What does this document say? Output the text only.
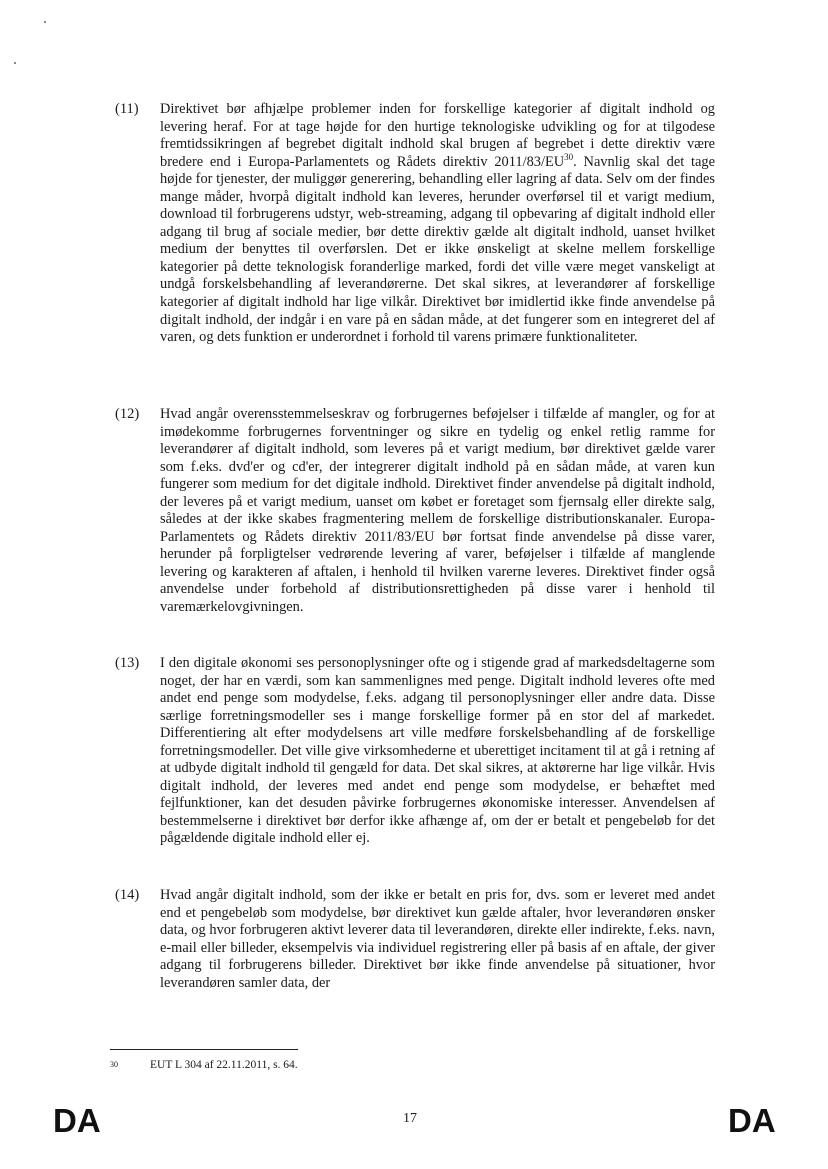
(11)	Direktivet bør afhjælpe problemer inden for forskellige kategorier af digitalt indhold og levering heraf. For at tage højde for den hurtige teknologiske udvikling og for at tilgodese fremtidssikringen af begrebet digitalt indhold skal brugen af begrebet i dette direktiv være bredere end i Europa-Parlamentets og Rådets direktiv 2011/83/EU$^{30}$. Navnlig skal det tage højde for tjenester, der muliggør generering, behandling eller lagring af data. Selv om der findes mange måder, hvorpå digitalt indhold kan leveres, herunder overførsel til et varigt medium, download til forbrugerens udstyr, web-streaming, adgang til opbevaring af digitalt indhold eller adgang til brug af sociale medier, bør dette direktiv gælde alt digitalt indhold, uanset hvilket medium der benyttes til overførslen. Det er ikke ønskeligt at skelne mellem forskellige kategorier på dette teknologisk foranderlige marked, fordi det ville være meget vanskeligt at undgå forskelsbehandling af leverandørerne. Det skal sikres, at leverandører af forskellige kategorier af digitalt indhold har lige vilkår. Direktivet bør imidlertid ikke finde anvendelse på digitalt indhold, der indgår i en vare på en sådan måde, at det fungerer som en integreret del af varen, og dets funktion er underordnet i forhold til varens primære funktionaliteter.
(12)	Hvad angår overensstemmelseskrav og forbrugernes beføjelser i tilfælde af mangler, og for at imødekomme forbrugernes forventninger og sikre en tydelig og enkel retlig ramme for leverandører af digitalt indhold, som leveres på et varigt medium, bør direktivet gælde varer som f.eks. dvd'er og cd'er, der integrerer digitalt indhold på en sådan måde, at varen kun fungerer som medium for det digitale indhold. Direktivet finder anvendelse på digitalt indhold, der leveres på et varigt medium, uanset om købet er foretaget som fjernsalg eller direkte salg, således at der ikke skabes fragmentering mellem de forskellige distributionskanaler. Europa-Parlamentets og Rådets direktiv 2011/83/EU bør fortsat finde anvendelse på disse varer, herunder på forpligtelser vedrørende levering af varer, beføjelser i tilfælde af manglende levering og karakteren af aftalen, i henhold til hvilken varerne leveres. Direktivet finder også anvendelse under forbehold af distributionsrettigheden på disse varer i henhold til varemærkelovgivningen.
(13)	I den digitale økonomi ses personoplysninger ofte og i stigende grad af markedsdeltagerne som noget, der har en værdi, som kan sammenlignes med penge. Digitalt indhold leveres ofte med andet end penge som modydelse, f.eks. adgang til personoplysninger eller andre data. Disse særlige forretningsmodeller ses i mange forskellige former på en stor del af markedet. Differentiering alt efter modydelsens art ville medføre forskelsbehandling af de forskellige forretningsmodeller. Det ville give virksomhederne et uberettiget incitament til at gå i retning af at udbyde digitalt indhold til gengæld for data. Det skal sikres, at aktørerne har lige vilkår. Hvis digitalt indhold, der leveres med andet end penge som modydelse, er behæftet med fejlfunktioner, kan det desuden påvirke forbrugernes økonomiske interesser. Anvendelsen af bestemmelserne i direktivet bør derfor ikke afhænge af, om der er betalt et pengebeløb for det pågældende digitale indhold eller ej.
(14)	Hvad angår digitalt indhold, som der ikke er betalt en pris for, dvs. som er leveret med andet end et pengebeløb som modydelse, bør direktivet kun gælde aftaler, hvor leverandøren ønsker data, og hvor forbrugeren aktivt leverer data til leverandøren, direkte eller indirekte, f.eks. navn, e-mail eller billeder, eksempelvis via individuel registrering eller på basis af en aftale, der giver adgang til forbrugerens billeder. Direktivet bør ikke finde anvendelse på situationer, hvor leverandøren samler data, der
30	EUT L 304 af 22.11.2011, s. 64.
DA	17	DA
